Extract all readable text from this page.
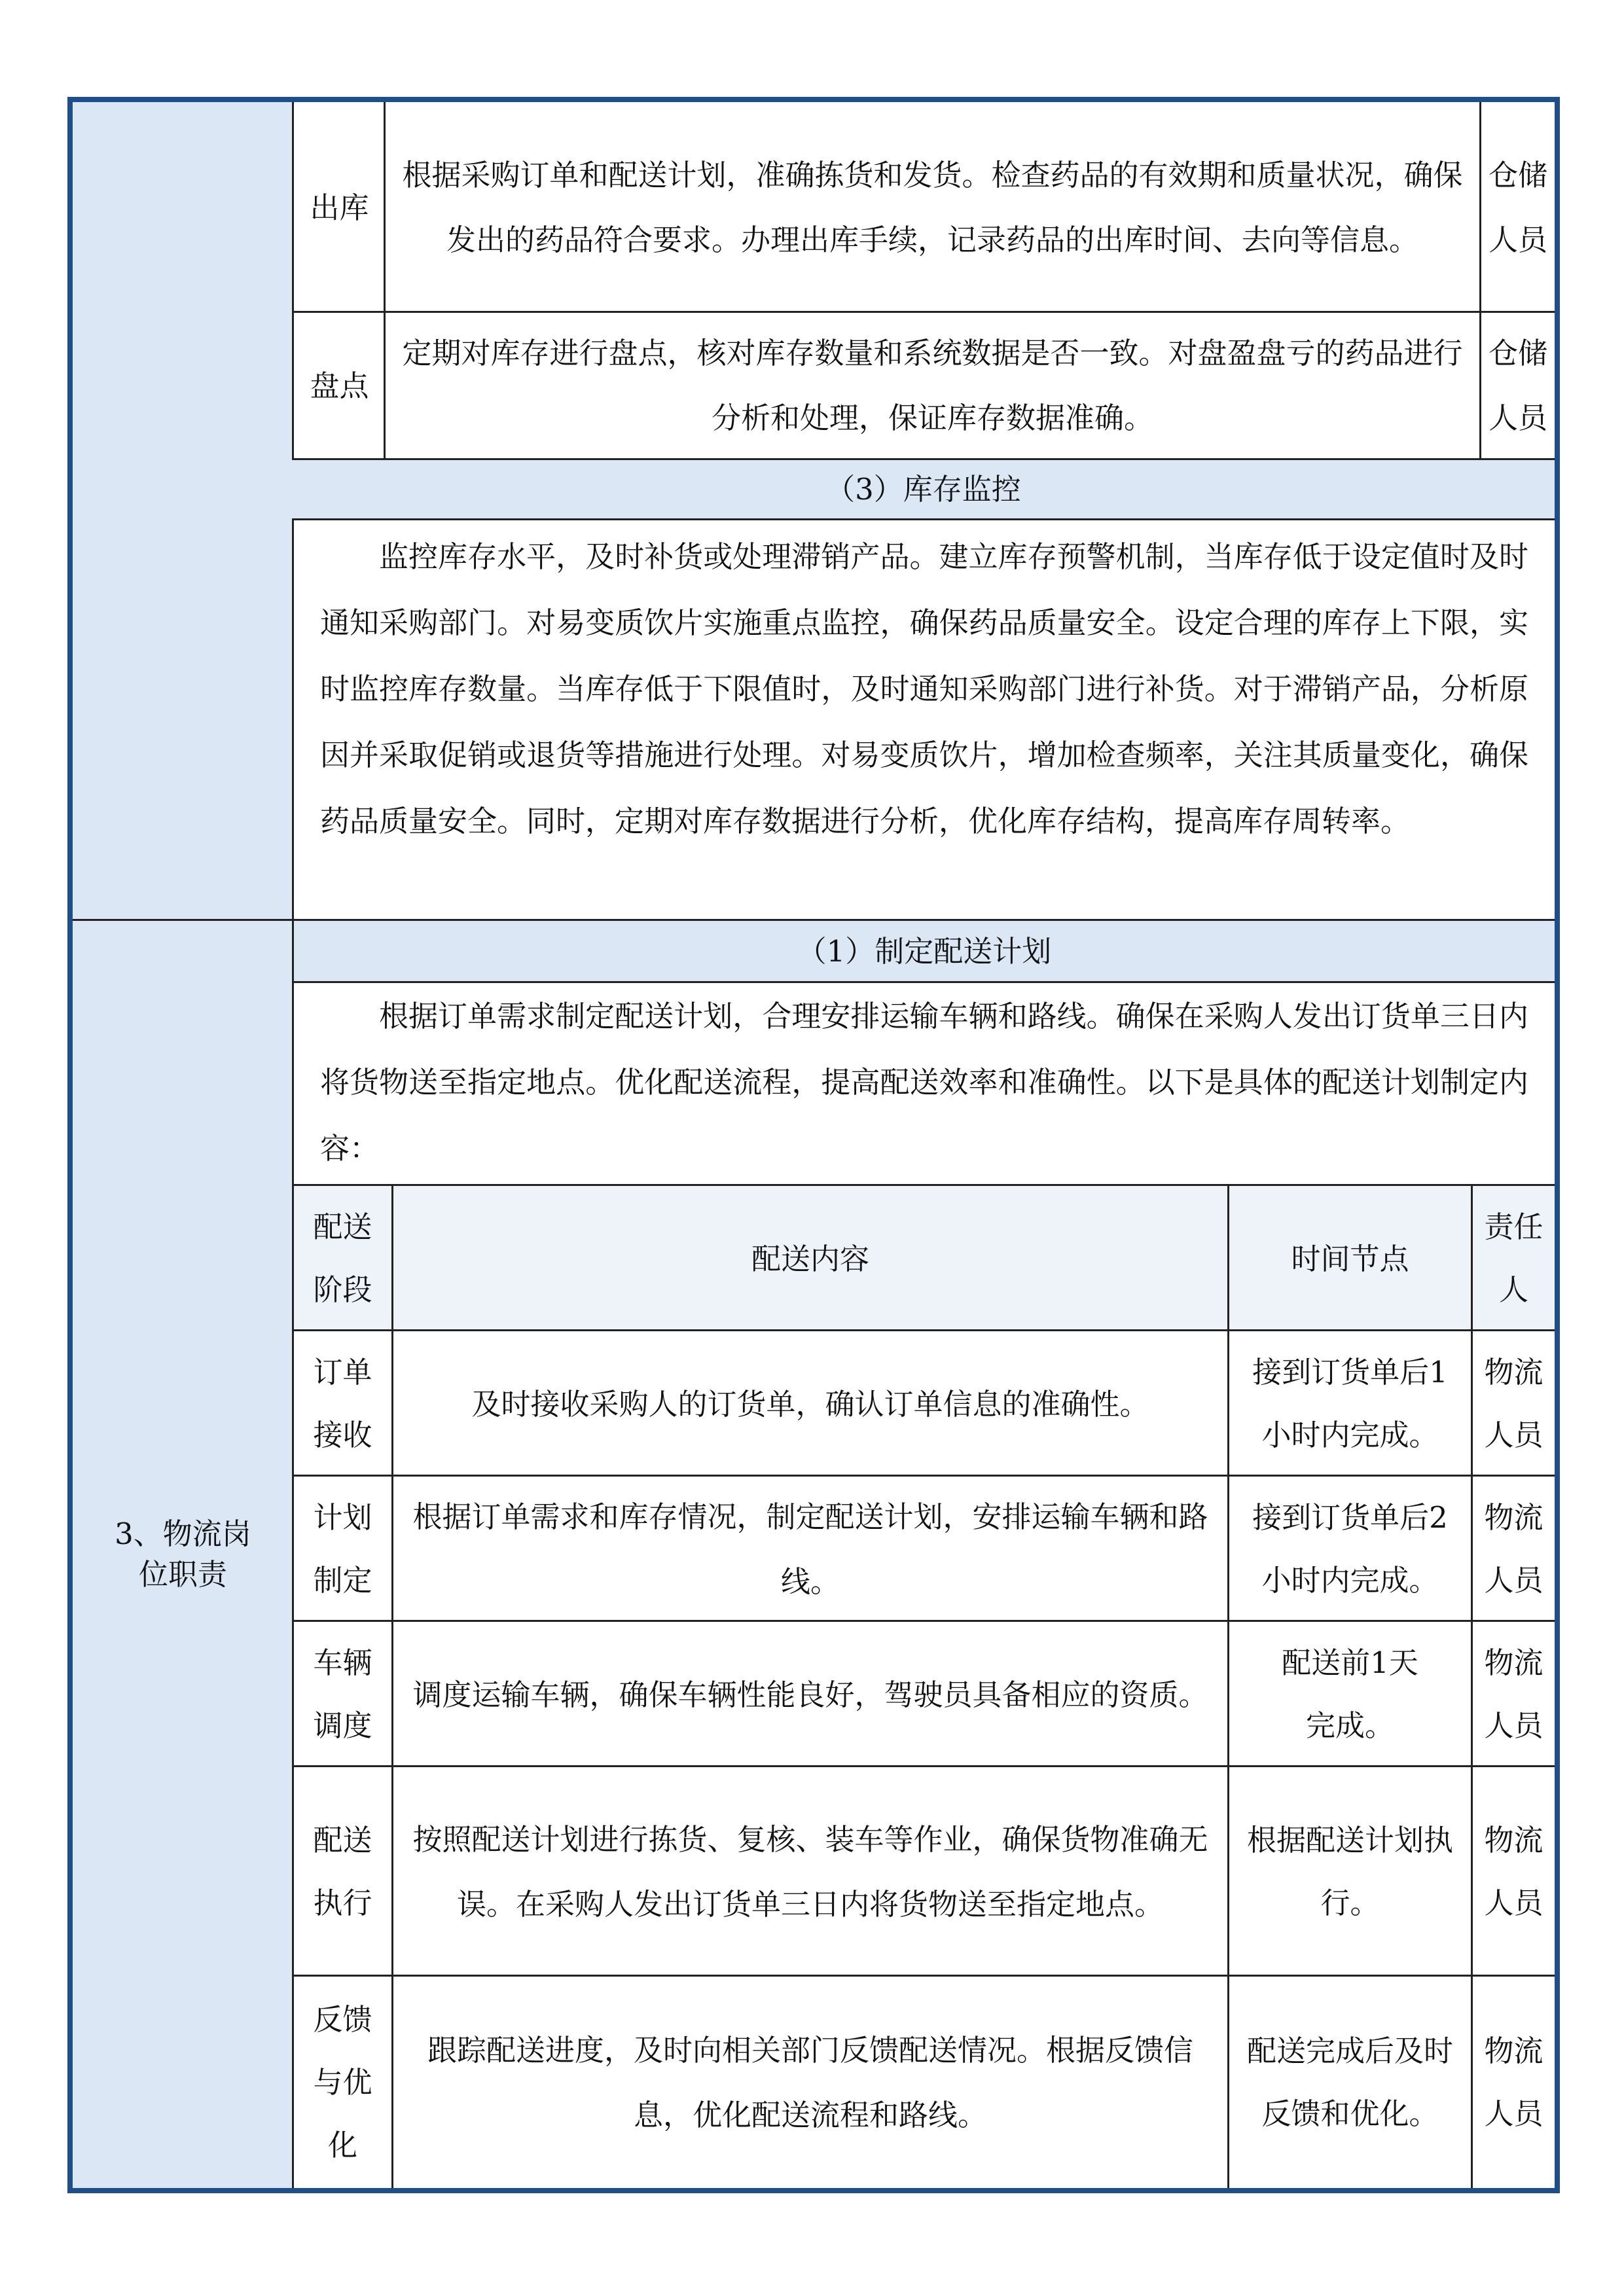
出库
根据采购订单和配送计划，准确拣货和发货。检查药品的有效期和质量状况，确保发出的药品符合要求。办理出库手续，记录药品的出库时间、去向等信息。
仓储人员
盘点
定期对库存进行盘点，核对库存数量和系统数据是否一致。对盘盈盘亏的药品进行分析和处理，保证库存数据准确。
仓储人员
（3）库存监控
监控库存水平，及时补货或处理滞销产品。建立库存预警机制，当库存低于设定值时及时通知采购部门。对易变质饮片实施重点监控，确保药品质量安全。设定合理的库存上下限，实时监控库存数量。当库存低于下限值时，及时通知采购部门进行补货。对于滞销产品，分析原因并采取促销或退货等措施进行处理。对易变质饮片，增加检查频率，关注其质量变化，确保药品质量安全。同时，定期对库存数据进行分析，优化库存结构，提高库存周转率。
3、物流岗位职责
（1）制定配送计划
根据订单需求制定配送计划，合理安排运输车辆和路线。确保在采购人发出订货单三日内将货物送至指定地点。优化配送流程，提高配送效率和准确性。以下是具体的配送计划制定内容：
配送阶段
配送内容	时间节点
责任人
订单接收
及时接收采购人的订货单，确认订单信息的准确性。
接到订货单后1小时内完成。
物流人员
计划制定
根据订单需求和库存情况，制定配送计划，安排运输车辆和路线。
接到订货单后2小时内完成。
物流人员
车辆调度
调度运输车辆，确保车辆性能良好，驾驶员具备相应的资质。
配送前1天完成。
物流人员
配送执行
按照配送计划进行拣货、复核、装车等作业，确保货物准确无误。在采购人发出订货单三日内将货物送至指定地点。
根据配送计划执行。
物流人员
反馈与优化
跟踪配送进度，及时向相关部门反馈配送情况。根据反馈信息，优化配送流程和路线。
配送完成后及时反馈和优化。
物流人员
